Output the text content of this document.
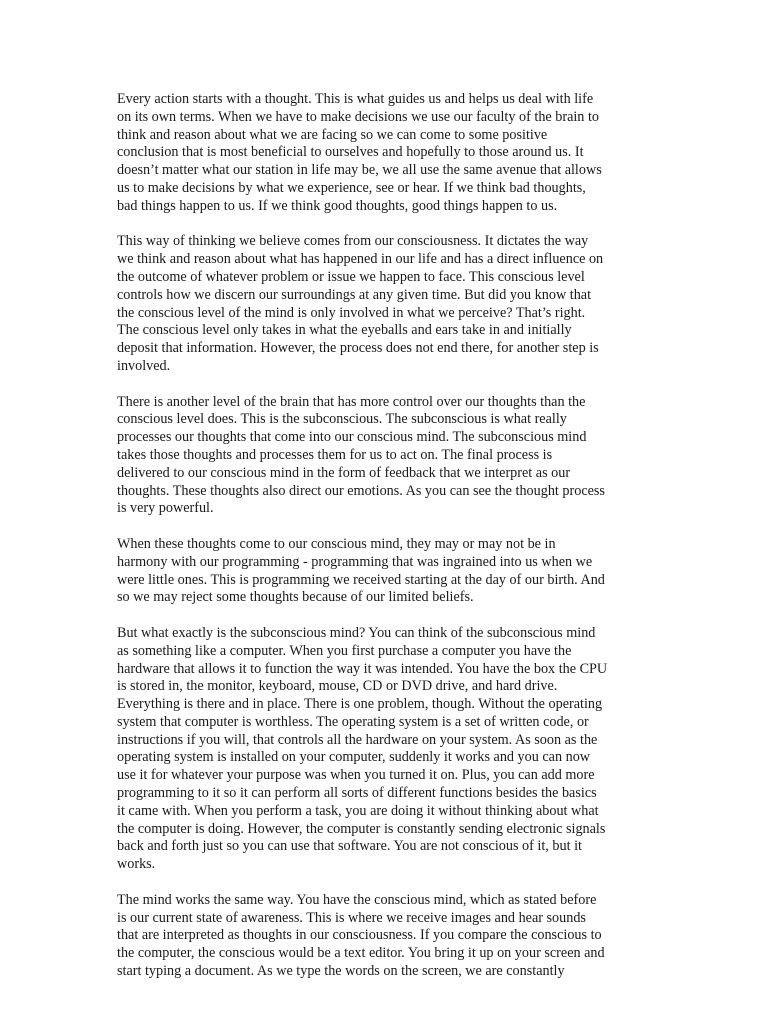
Every action starts with a thought. This is what guides us and helps us deal with life
on its own terms. When we have to make decisions we use our faculty of the brain to
think and reason about what we are facing so we can come to some positive
conclusion that is most beneficial to ourselves and hopefully to those around us. It
doesn’t matter what our station in life may be, we all use the same avenue that allows
us to make decisions by what we experience, see or hear. If we think bad thoughts,
bad things happen to us. If we think good thoughts, good things happen to us.
This way of thinking we believe comes from our consciousness. It dictates the way
we think and reason about what has happened in our life and has a direct influence on
the outcome of whatever problem or issue we happen to face. This conscious level
controls how we discern our surroundings at any given time. But did you know that
the conscious level of the mind is only involved in what we perceive? That’s right.
The conscious level only takes in what the eyeballs and ears take in and initially
deposit that information. However, the process does not end there, for another step is
involved.
There is another level of the brain that has more control over our thoughts than the
conscious level does. This is the subconscious. The subconscious is what really
processes our thoughts that come into our conscious mind. The subconscious mind
takes those thoughts and processes them for us to act on. The final process is
delivered to our conscious mind in the form of feedback that we interpret as our
thoughts. These thoughts also direct our emotions. As you can see the thought process
is very powerful.
When these thoughts come to our conscious mind, they may or may not be in
harmony with our programming - programming that was ingrained into us when we
were little ones. This is programming we received starting at the day of our birth. And
so we may reject some thoughts because of our limited beliefs.
But what exactly is the subconscious mind? You can think of the subconscious mind
as something like a computer. When you first purchase a computer you have the
hardware that allows it to function the way it was intended. You have the box the CPU
is stored in, the monitor, keyboard, mouse, CD or DVD drive, and hard drive.
Everything is there and in place. There is one problem, though. Without the operating
system that computer is worthless. The operating system is a set of written code, or
instructions if you will, that controls all the hardware on your system. As soon as the
operating system is installed on your computer, suddenly it works and you can now
use it for whatever your purpose was when you turned it on. Plus, you can add more
programming to it so it can perform all sorts of different functions besides the basics
it came with. When you perform a task, you are doing it without thinking about what
the computer is doing. However, the computer is constantly sending electronic signals
back and forth just so you can use that software. You are not conscious of it, but it
works.
The mind works the same way. You have the conscious mind, which as stated before
is our current state of awareness. This is where we receive images and hear sounds
that are interpreted as thoughts in our consciousness. If you compare the conscious to
the computer, the conscious would be a text editor. You bring it up on your screen and
start typing a document. As we type the words on the screen, we are constantly
